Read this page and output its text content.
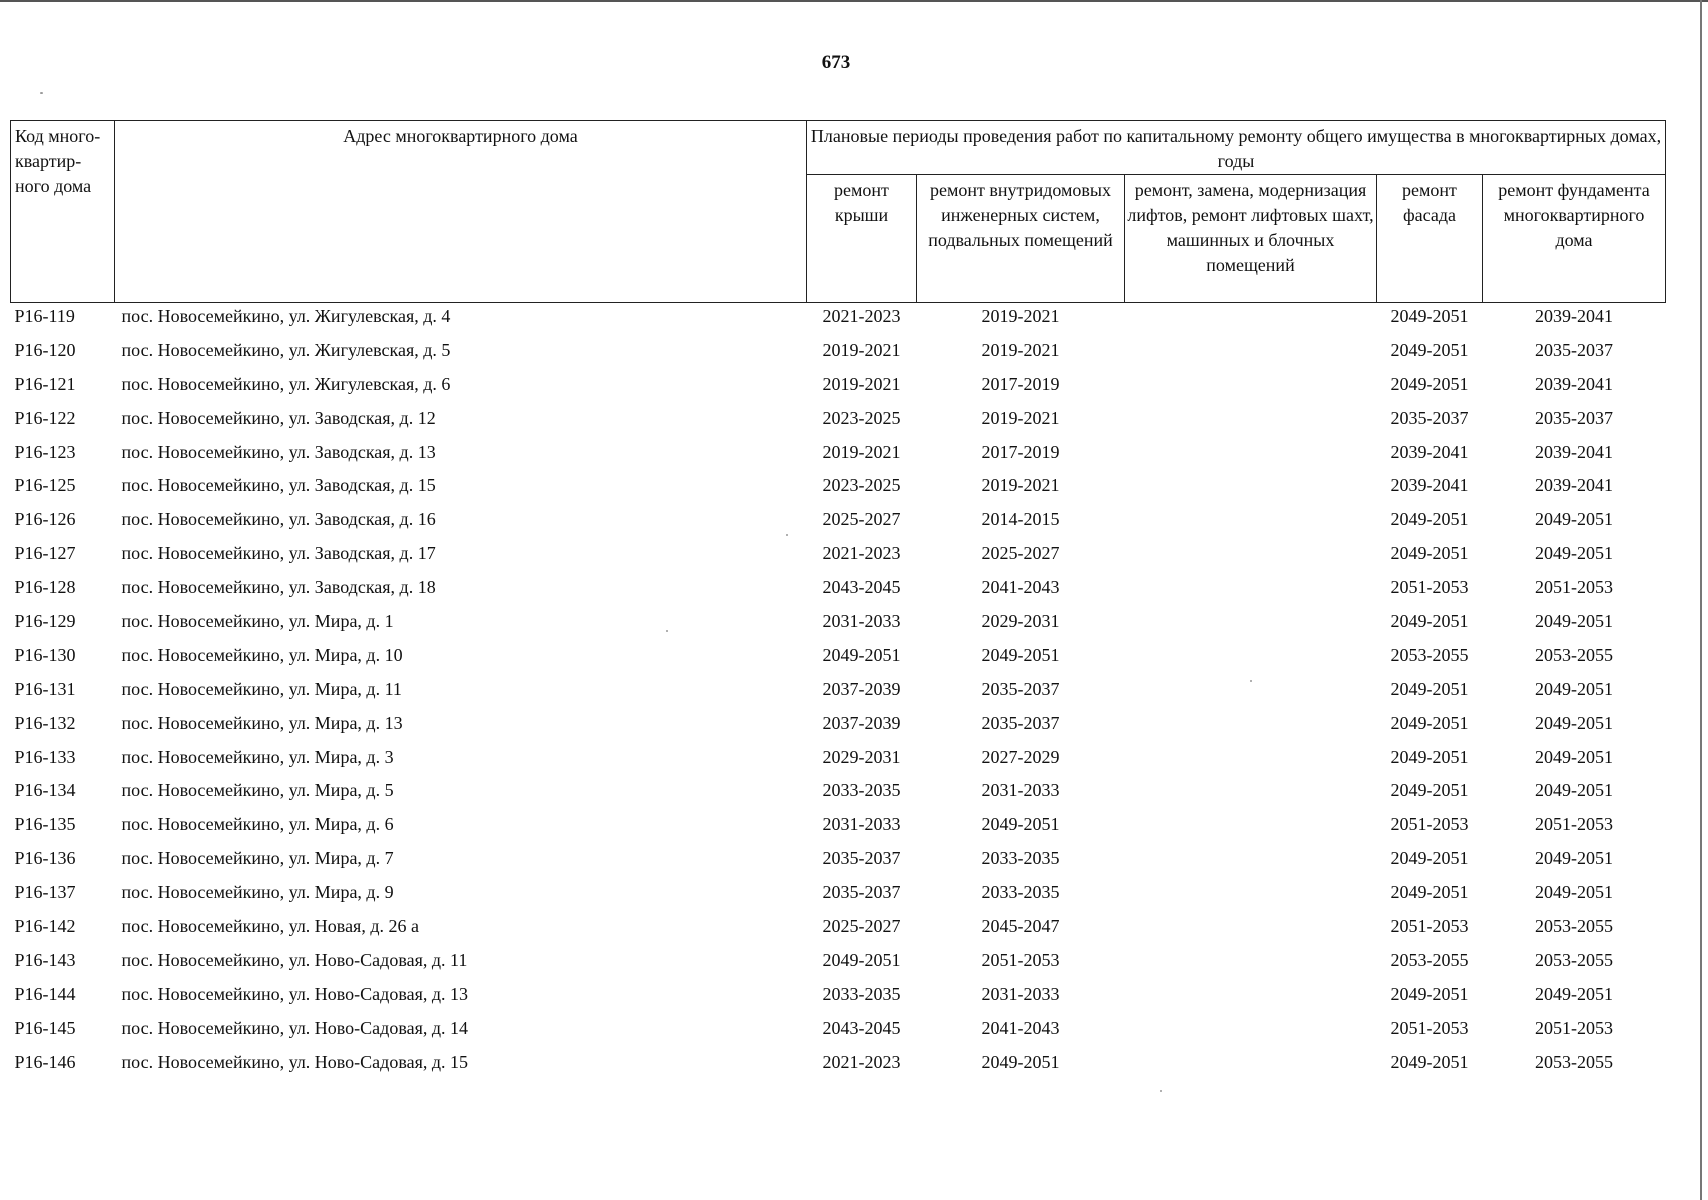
673
Код много-квартир-ного дома	Адрес многоквартирного дома	Плановые периоды проведения работ по капитальному ремонту общего имущества в многоквартирных домах, годы				
		ремонт крыши	ремонт внутридомовых инженерных систем, подвальных помещений	ремонт, замена, модернизация лифтов, ремонт лифтовых шахт, машинных и блочных помещений	ремонт фасада	ремонт фундамента многоквартирного дома
P16-119	пос. Новосемейкино, ул. Жигулевская, д. 4	2021-2023	2019-2021		2049-2051	2039-2041
P16-120	пос. Новосемейкино, ул. Жигулевская, д. 5	2019-2021	2019-2021		2049-2051	2035-2037
P16-121	пос. Новосемейкино, ул. Жигулевская, д. 6	2019-2021	2017-2019		2049-2051	2039-2041
P16-122	пос. Новосемейкино, ул. Заводская, д. 12	2023-2025	2019-2021		2035-2037	2035-2037
P16-123	пос. Новосемейкино, ул. Заводская, д. 13	2019-2021	2017-2019		2039-2041	2039-2041
P16-125	пос. Новосемейкино, ул. Заводская, д. 15	2023-2025	2019-2021		2039-2041	2039-2041
P16-126	пос. Новосемейкино, ул. Заводская, д. 16	2025-2027	2014-2015		2049-2051	2049-2051
P16-127	пос. Новосемейкино, ул. Заводская, д. 17	2021-2023	2025-2027		2049-2051	2049-2051
P16-128	пос. Новосемейкино, ул. Заводская, д. 18	2043-2045	2041-2043		2051-2053	2051-2053
P16-129	пос. Новосемейкино, ул. Мира, д. 1	2031-2033	2029-2031		2049-2051	2049-2051
P16-130	пос. Новосемейкино, ул. Мира, д. 10	2049-2051	2049-2051		2053-2055	2053-2055
P16-131	пос. Новосемейкино, ул. Мира, д. 11	2037-2039	2035-2037		2049-2051	2049-2051
P16-132	пос. Новосемейкино, ул. Мира, д. 13	2037-2039	2035-2037		2049-2051	2049-2051
P16-133	пос. Новосемейкино, ул. Мира, д. 3	2029-2031	2027-2029		2049-2051	2049-2051
P16-134	пос. Новосемейкино, ул. Мира, д. 5	2033-2035	2031-2033		2049-2051	2049-2051
P16-135	пос. Новосемейкино, ул. Мира, д. 6	2031-2033	2049-2051		2051-2053	2051-2053
P16-136	пос. Новосемейкино, ул. Мира, д. 7	2035-2037	2033-2035		2049-2051	2049-2051
P16-137	пос. Новосемейкино, ул. Мира, д. 9	2035-2037	2033-2035		2049-2051	2049-2051
P16-142	пос. Новосемейкино, ул. Новая, д. 26 а	2025-2027	2045-2047		2051-2053	2053-2055
P16-143	пос. Новосемейкино, ул. Ново-Садовая, д. 11	2049-2051	2051-2053		2053-2055	2053-2055
P16-144	пос. Новосемейкино, ул. Ново-Садовая, д. 13	2033-2035	2031-2033		2049-2051	2049-2051
P16-145	пос. Новосемейкино, ул. Ново-Садовая, д. 14	2043-2045	2041-2043		2051-2053	2051-2053
P16-146	пос. Новосемейкино, ул. Ново-Садовая, д. 15	2021-2023	2049-2051		2049-2051	2053-2055
